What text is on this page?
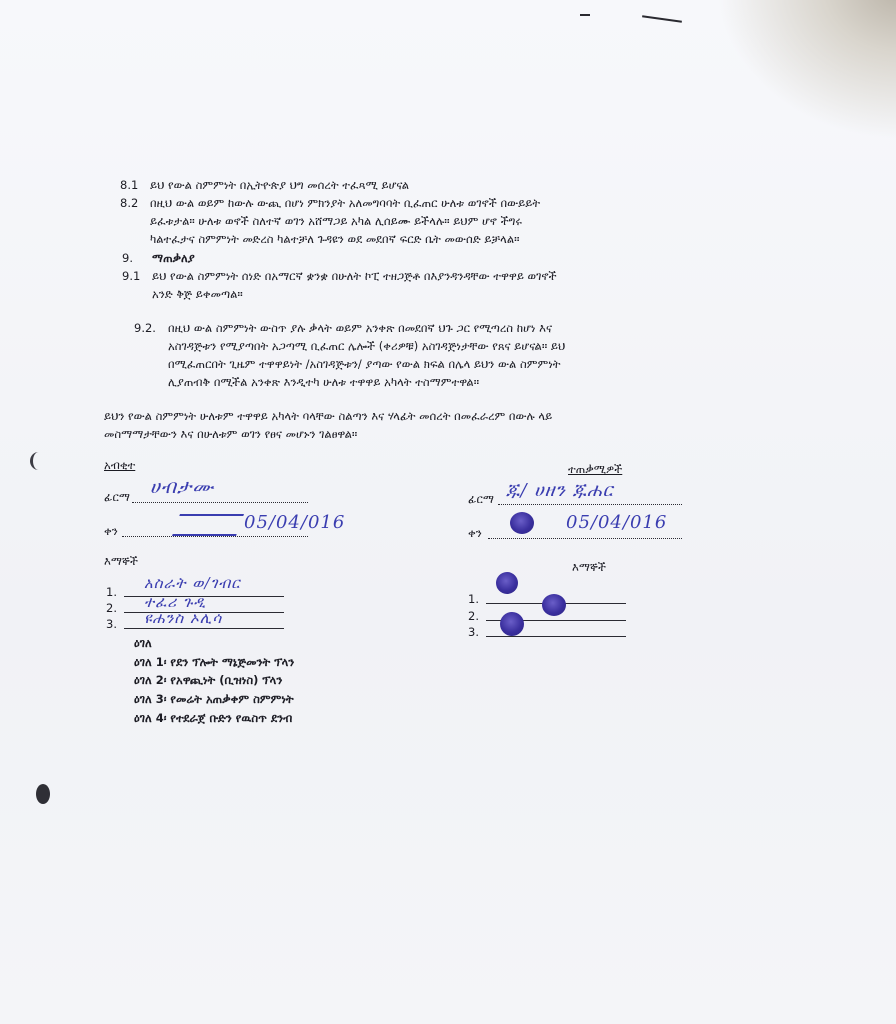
8.1 ይህ የውል ስምምነት በኢትዮጵያ ህግ መሰረት ተፈጻሚ ይሆናል
8.2 በዚህ ውል ወይም ከውሉ ውጪ በሆነ ምክንያት አለመግባባት ቢፈጠር ሁለቱ ወገኖች በውይይት
ይፈቱታል። ሁለቱ ወኖች ስለተኛ ወገን አሸማጋይ አካል ሊሰይሙ ይችላሉ። ይህም ሆኖ ችግሩ
ካልተፈታና ስምምነት መድረስ ካልተቻለ ጉዳዩን ወደ መደበኛ ፍርድ ቤት መውሰድ ይቻላል።
9. ማጠቃለያ
9.1 ይህ የውል ስምምነት ሰነድ በአማርኛ ቋንቋ በሁለት ኮፒ ተዘጋጅቶ በእያንዳንዳቸው ተዋዋይ ወገኖች
አንድ ቅጅ ይቀመጣል።
9.2. በዚህ ውል ስምምነት ውስጥ ያሉ ቃላት ወይም አንቀጽ በመደበኛ ህጉ ጋር የሚጣረስ ከሆነ እና
አስገዳጅቱን የሚያጣበት አጋጣሚ ቢፈጠር ሌሎች (ቀሪዎቹ) አስገዳጅነታቸው የጸና ይሆናል። ይህ
በሚፈጠርበት ጊዜም ተዋዋይነት /አስገዳጅቱን/ ያጣው የውል ክፍል በሌላ ይህን ውል ስምምነት
ሊያጠብቅ በሚችል አንቀጽ እንዲተካ ሁለቱ ተዋዋይ አካላት ተስማምተዋል።
ይህን የውል ስምምነት ሁለቱም ተዋዋይ አካላት ባላቸው ስልጣን እና ሃላፊት መሰረት በመፈራረም በውሉ ላይ
መስማማታቸውን እና በሁለቱም ወገን የፀና መሆኑን ገልፀዋል።
አብቂተ
ፊርማ ሀብታሙ
ቀን	05/04/016
እማኞች
1. አስራት ወ/ገብር
2. ተፈሪ ጉዲ
3. ዩሐንስ ኦሊሳ
ዕገለ
ዕገለ 1፡ የደን ፕሎት ማኔጅመንት ፕላን
ዕገለ 2፡ የአዋጪነት (ቢዝነስ) ፕላን
ዕገለ 3፡ የመሬት አጠቃቀም ስምምነት
ዕገለ 4፡ የተደራጀ ቡድን የዉስጥ ደንብ
ተጠቃሚዎች
ፊርማ ጁ/ ሀዘን ጁሐር
ቀን	05/04/016
እማኞች
1.
2.
3.
